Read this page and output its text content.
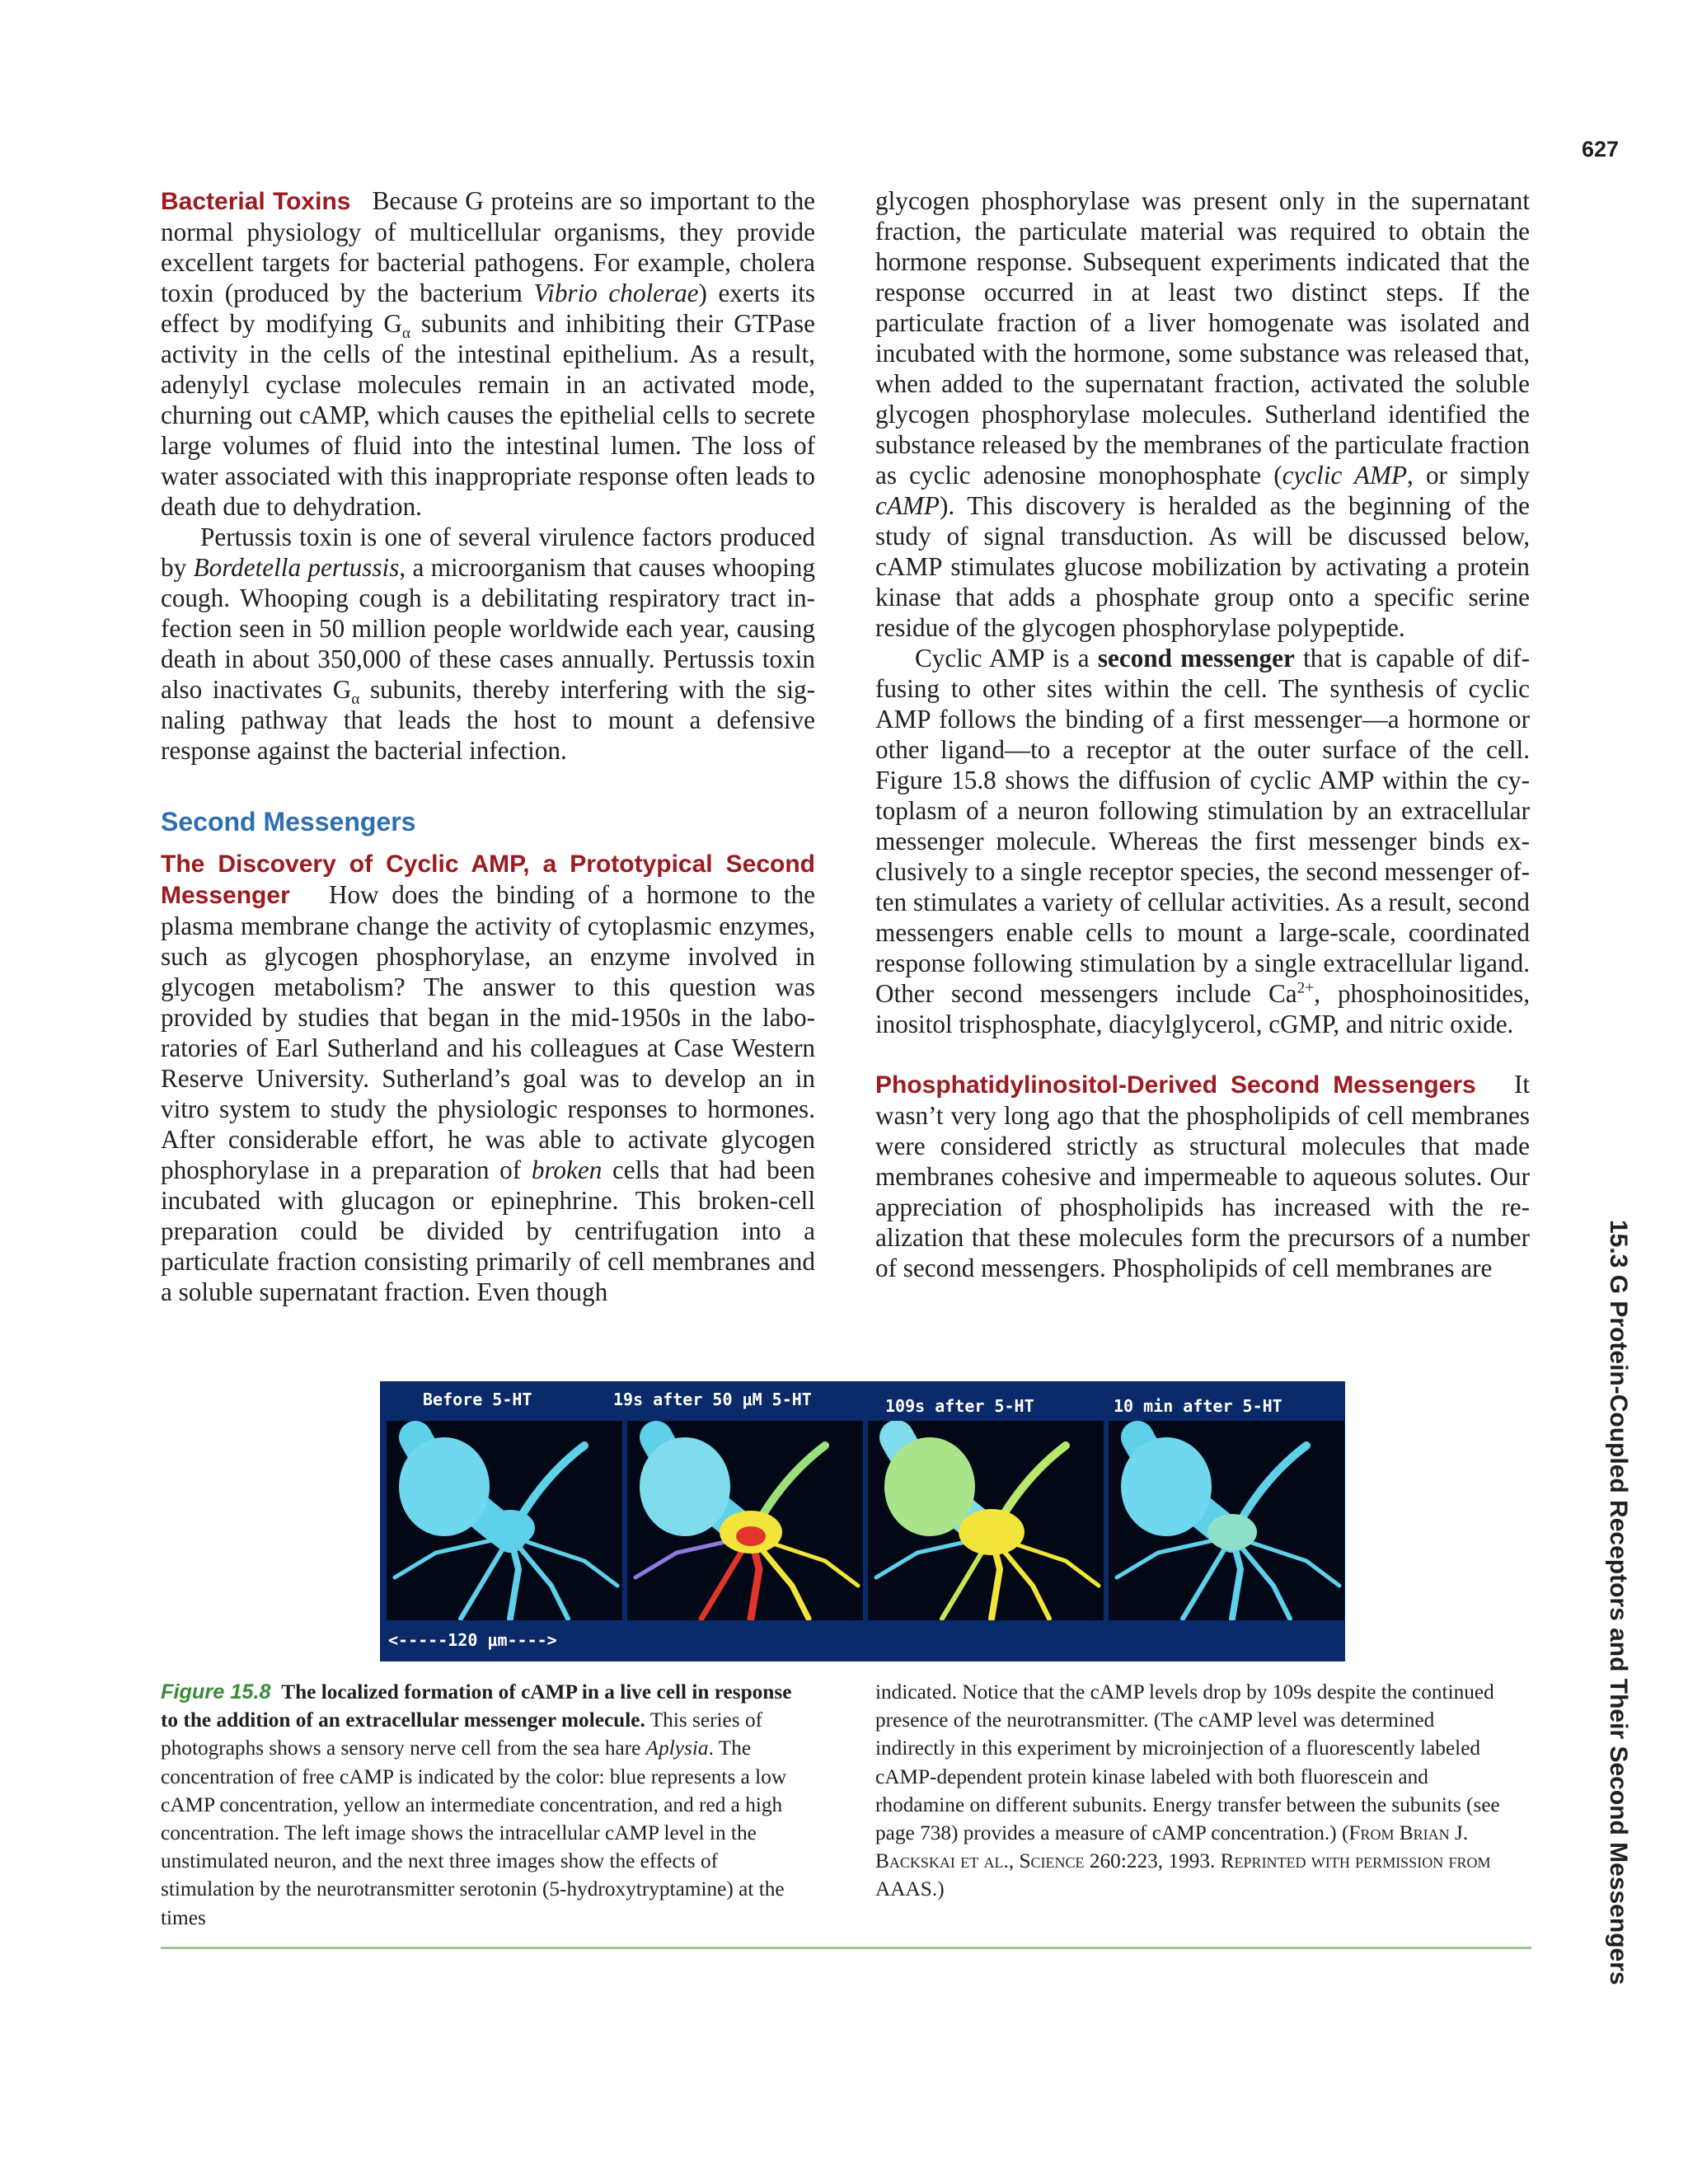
627
15.3 G Protein-Coupled Receptors and Their Second Messengers

Bacterial Toxins Because G proteins are so important to the normal physiology of multicellular organisms, they provide excellent targets for bacterial pathogens. For example, cholera toxin (produced by the bacterium Vibrio cholerae) exerts its effect by modifying $G_\alpha$ subunits and inhibiting their GTPase activity in the cells of the intestinal epithelium. As a result, adenylyl cyclase molecules remain in an activated mode, churning out cAMP, which causes the epithelial cells to secrete large volumes of fluid into the intestinal lumen. The loss of water associated with this inappropriate response often leads to death due to dehydration.

Pertussis toxin is one of several virulence factors produced by Bordetella pertussis, a microorganism that causes whooping cough. Whooping cough is a debilitating respiratory tract infection seen in 50 million people worldwide each year, causing death in about 350,000 of these cases annually. Pertussis toxin also inactivates $G_\alpha$ subunits, thereby interfering with the signaling pathway that leads the host to mount a defensive response against the bacterial infection.

Second Messengers

The Discovery of Cyclic AMP, a Prototypical Second Messenger How does the binding of a hormone to the plasma membrane change the activity of cytoplasmic enzymes, such as glycogen phosphorylase, an enzyme involved in glycogen metabolism? The answer to this question was provided by studies that began in the mid-1950s in the laboratories of Earl Sutherland and his colleagues at Case Western Reserve University. Sutherland’s goal was to develop an in vitro system to study the physiologic responses to hormones. After considerable effort, he was able to activate glycogen phosphorylase in a preparation of broken cells that had been incubated with glucagon or epinephrine. This broken-cell preparation could be divided by centrifugation into a particulate fraction consisting primarily of cell membranes and a soluble supernatant fraction. Even though

glycogen phosphorylase was present only in the supernatant fraction, the particulate material was required to obtain the hormone response. Subsequent experiments indicated that the response occurred in at least two distinct steps. If the particulate fraction of a liver homogenate was isolated and incubated with the hormone, some substance was released that, when added to the supernatant fraction, activated the soluble glycogen phosphorylase molecules. Sutherland identified the substance released by the membranes of the particulate fraction as cyclic adenosine monophosphate (cyclic AMP, or simply cAMP). This discovery is heralded as the beginning of the study of signal transduction. As will be discussed below, cAMP stimulates glucose mobilization by activating a protein kinase that adds a phosphate group onto a specific serine residue of the glycogen phosphorylase polypeptide.

Cyclic AMP is a second messenger that is capable of diffusing to other sites within the cell. The synthesis of cyclic AMP follows the binding of a first messenger—a hormone or other ligand—to a receptor at the outer surface of the cell. Figure 15.8 shows the diffusion of cyclic AMP within the cytoplasm of a neuron following stimulation by an extracellular messenger molecule. Whereas the first messenger binds exclusively to a single receptor species, the second messenger often stimulates a variety of cellular activities. As a result, second messengers enable cells to mount a large-scale, coordinated response following stimulation by a single extracellular ligand. Other second messengers include $Ca^{2+}$, phosphoinositides, inositol trisphosphate, diacylglycerol, cGMP, and nitric oxide.

Phosphatidylinositol-Derived Second Messengers It wasn’t very long ago that the phospholipids of cell membranes were considered strictly as structural molecules that made membranes cohesive and impermeable to aqueous solutes. Our appreciation of phospholipids has increased with the realization that these molecules form the precursors of a number of second messengers. Phospholipids of cell membranes are

Before 5-HT	19s after 50 μM 5-HT	109s after 5-HT	10 min after 5-HT
<-----120 μm---->

Figure 15.8 The localized formation of cAMP in a live cell in response to the addition of an extracellular messenger molecule. This series of photographs shows a sensory nerve cell from the sea hare Aplysia. The concentration of free cAMP is indicated by the color: blue represents a low cAMP concentration, yellow an intermediate concentration, and red a high concentration. The left image shows the intracellular cAMP level in the unstimulated neuron, and the next three images show the effects of stimulation by the neurotransmitter serotonin (5-hydroxytryptamine) at the times

indicated. Notice that the cAMP levels drop by 109s despite the continued presence of the neurotransmitter. (The cAMP level was determined indirectly in this experiment by microinjection of a fluorescently labeled cAMP-dependent protein kinase labeled with both fluorescein and rhodamine on different subunits. Energy transfer between the subunits (see page 738) provides a measure of cAMP concentration.) (From Brian J. Backskai et al., Science 260:223, 1993. Reprinted with permission from AAAS.)
